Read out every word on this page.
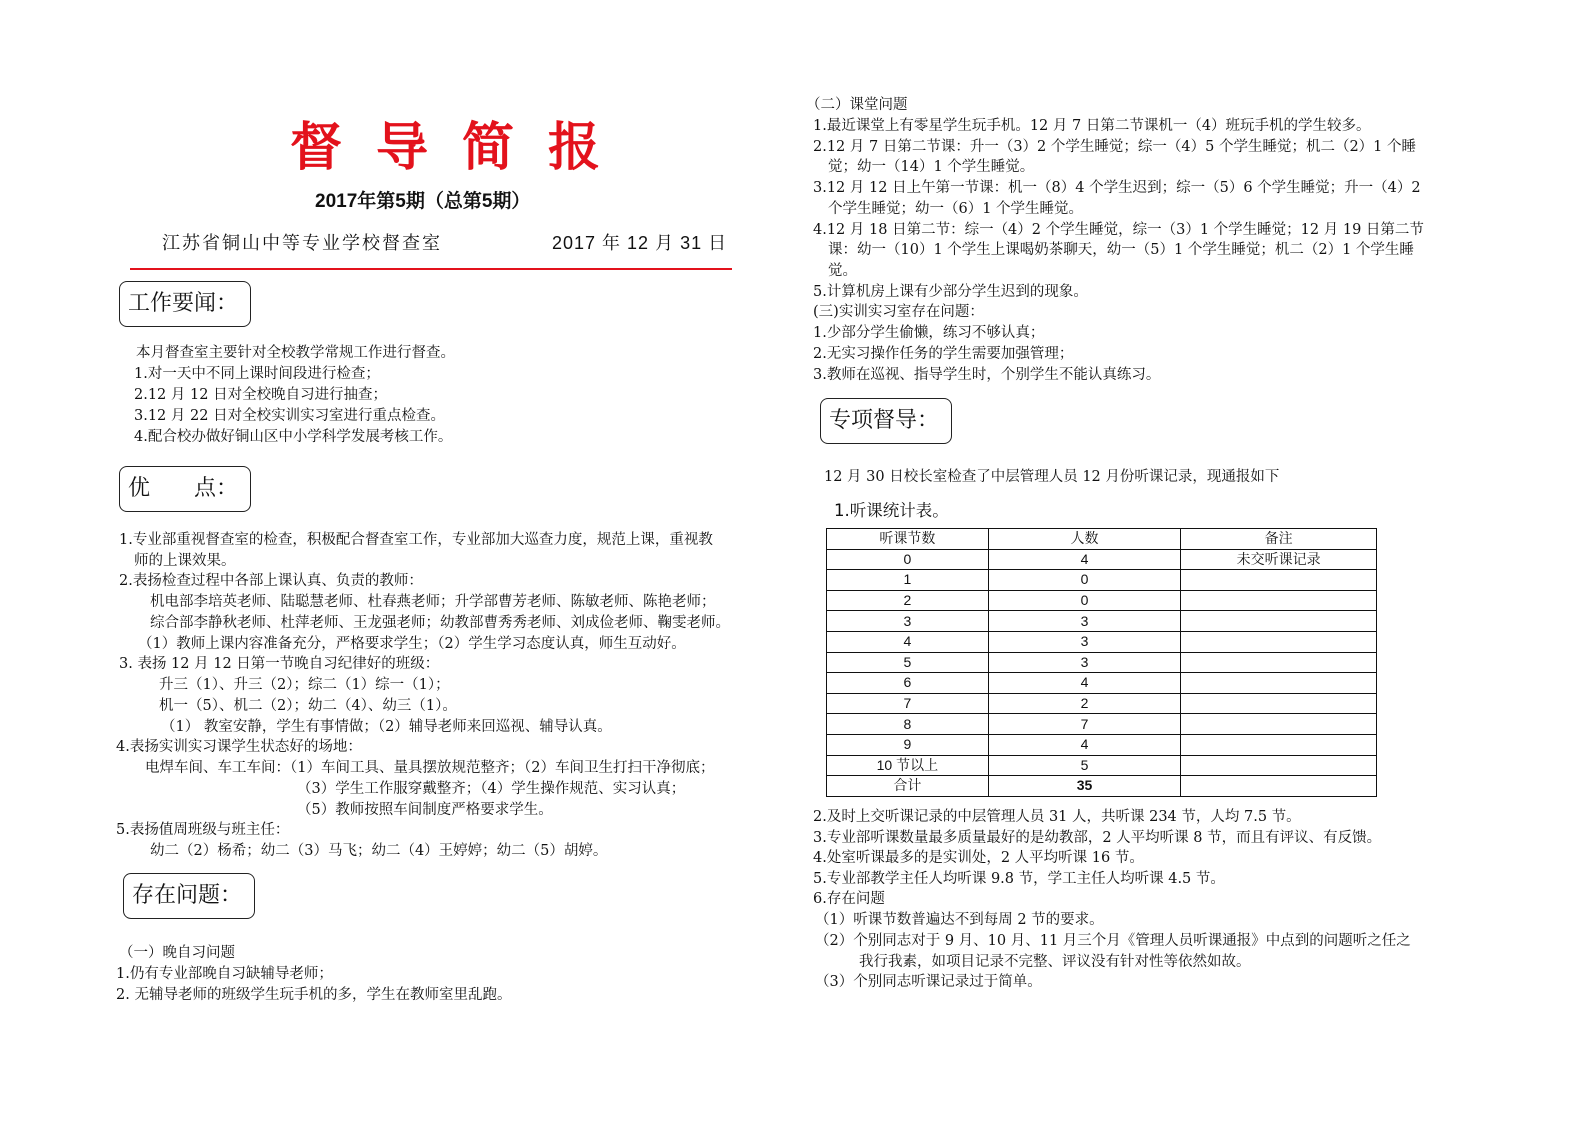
督导简报
2017年第5期（总第5期）
江苏省铜山中等专业学校督查室	2017 年 12 月 31 日
工作要闻：
本月督查室主要针对全校教学常规工作进行督查。
1.对一天中不同上课时间段进行检查；
2.12 月 12 日对全校晚自习进行抽查；
3.12 月 22 日对全校实训实习室进行重点检查。
4.配合校办做好铜山区中小学科学发展考核工作。
优　　点：
1.专业部重视督查室的检查，积极配合督查室工作，专业部加大巡查力度，规范上课，重视教
师的上课效果。
2.表扬检查过程中各部上课认真、负责的教师：
机电部李培英老师、陆聪慧老师、杜春燕老师；升学部曹芳老师、陈敏老师、陈艳老师；
综合部李静秋老师、杜萍老师、王龙强老师；幼教部曹秀秀老师、刘成俭老师、鞠雯老师。
（1）教师上课内容准备充分，严格要求学生；（2）学生学习态度认真，师生互动好。
3. 表扬 12 月 12 日第一节晚自习纪律好的班级：
升三（1）、升三（2）；综二（1）综一（1）；
机一（5）、机二（2）；幼二（4）、幼三（1）。
（1） 教室安静，学生有事情做；（2）辅导老师来回巡视、辅导认真。
4.表扬实训实习课学生状态好的场地：
电焊车间、车工车间：（1）车间工具、量具摆放规范整齐；（2）车间卫生打扫干净彻底；
（3）学生工作服穿戴整齐；（4）学生操作规范、实习认真；
（5）教师按照车间制度严格要求学生。
5.表扬值周班级与班主任：
幼二（2）杨希；幼二（3）马飞；幼二（4）王婷婷；幼二（5）胡婷。
存在问题：
（一）晚自习问题
1.仍有专业部晚自习缺辅导老师；
2. 无辅导老师的班级学生玩手机的多，学生在教师室里乱跑。
（二）课堂问题
1.最近课堂上有零星学生玩手机。12 月 7 日第二节课机一（4）班玩手机的学生较多。
2.12 月 7 日第二节课：升一（3）2 个学生睡觉；综一（4）5 个学生睡觉；机二（2）1 个睡
觉；幼一（14）1 个学生睡觉。
3.12 月 12 日上午第一节课：机一（8）4 个学生迟到；综一（5）6 个学生睡觉；升一（4）2
个学生睡觉；幼一（6）1 个学生睡觉。
4.12 月 18 日第二节：综一（4）2 个学生睡觉，综一（3）1 个学生睡觉；12 月 19 日第二节
课：幼一（10）1 个学生上课喝奶茶聊天，幼一（5）1 个学生睡觉；机二（2）1 个学生睡
觉。
5.计算机房上课有少部分学生迟到的现象。
(三)实训实习室存在问题：
1.少部分学生偷懒，练习不够认真；
2.无实习操作任务的学生需要加强管理；
3.教师在巡视、指导学生时，个别学生不能认真练习。
专项督导：
12 月 30 日校长室检查了中层管理人员 12 月份听课记录，现通报如下
1.听课统计表。
听课节数	人数	备注
0	4	未交听课记录
1	0	
2	0	
3	3	
4	3	
5	3	
6	4	
7	2	
8	7	
9	4	
10 节以上	5	
合计	35	
2.及时上交听课记录的中层管理人员 31 人，共听课 234 节，人均 7.5 节。
3.专业部听课数量最多质量最好的是幼教部，2 人平均听课 8 节，而且有评议、有反馈。
4.处室听课最多的是实训处，2 人平均听课 16 节。
5.专业部教学主任人均听课 9.8 节，学工主任人均听课 4.5 节。
6.存在问题
（1）听课节数普遍达不到每周 2 节的要求。
（2）个别同志对于 9 月、10 月、11 月三个月《管理人员听课通报》中点到的问题听之任之
我行我素，如项目记录不完整、评议没有针对性等依然如故。
（3）个别同志听课记录过于简单。
